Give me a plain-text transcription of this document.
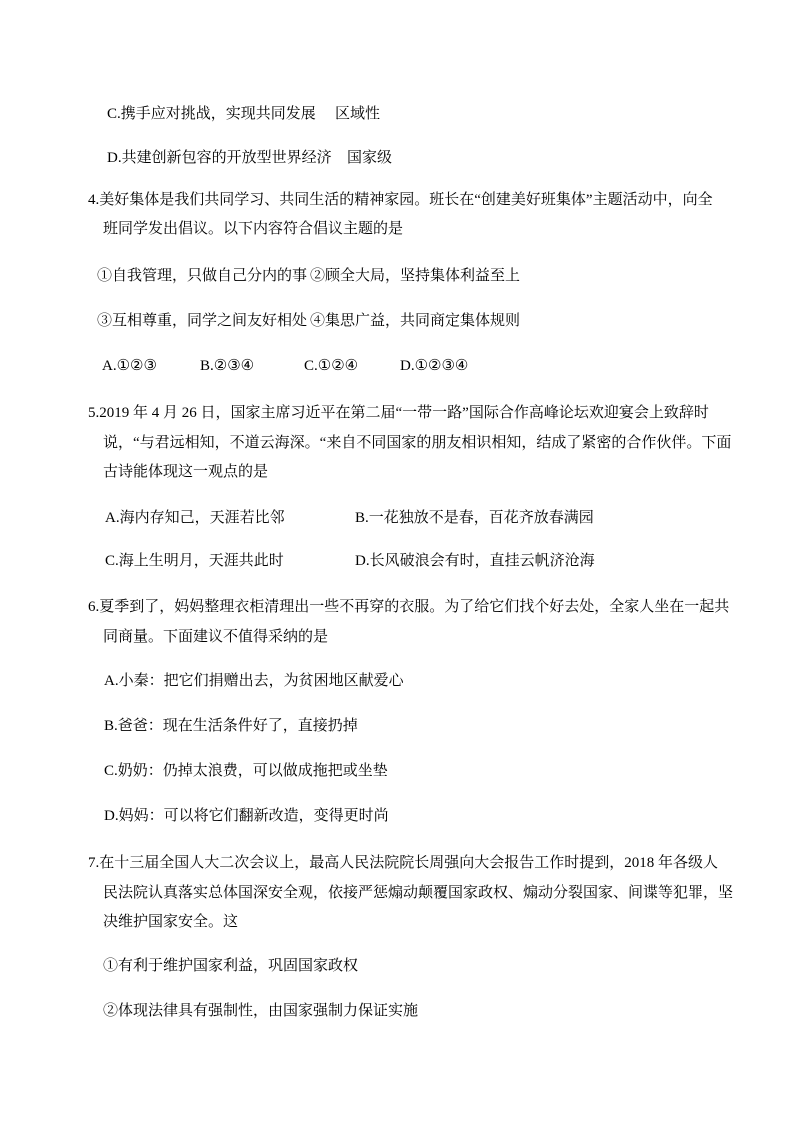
C.携手应对挑战，实现共同发展 区域性
D.共建创新包容的开放型世界经济 国家级
4.美好集体是我们共同学习、共同生活的精神家园。班长在“创建美好班集体”主题活动中，向全
班同学发出倡议。以下内容符合倡议主题的是
①自我管理，只做自己分内的事 ②顾全大局，坚持集体利益至上
③互相尊重，同学之间友好相处 ④集思广益，共同商定集体规则
A.①②③	B.②③④	C.①②④	D.①②③④
5.2019 年 4 月 26 日，国家主席习近平在第二届“一带一路”国际合作高峰论坛欢迎宴会上致辞时
说，“与君远相知，不道云海深。“来自不同国家的朋友相识相知，结成了紧密的合作伙伴。下面
古诗能体现这一观点的是
A.海内存知己，天涯若比邻	B.一花独放不是春，百花齐放春满园
C.海上生明月，天涯共此时	D.长风破浪会有时，直挂云帆济沧海
6.夏季到了，妈妈整理衣柜清理出一些不再穿的衣服。为了给它们找个好去处，全家人坐在一起共
同商量。下面建议不值得采纳的是
A.小秦：把它们捐赠出去，为贫困地区献爱心
B.爸爸：现在生活条件好了，直接扔掉
C.奶奶：仍掉太浪费，可以做成拖把或坐垫
D.妈妈：可以将它们翻新改造，变得更时尚
7.在十三届全国人大二次会议上，最高人民法院院长周强向大会报告工作时提到，2018 年各级人
民法院认真落实总体国深安全观，依接严惩煽动颠覆国家政权、煽动分裂国家、间谍等犯罪，坚
决维护国家安全。这
①有利于维护国家利益，巩固国家政权
②体现法律具有强制性，由国家强制力保证实施
